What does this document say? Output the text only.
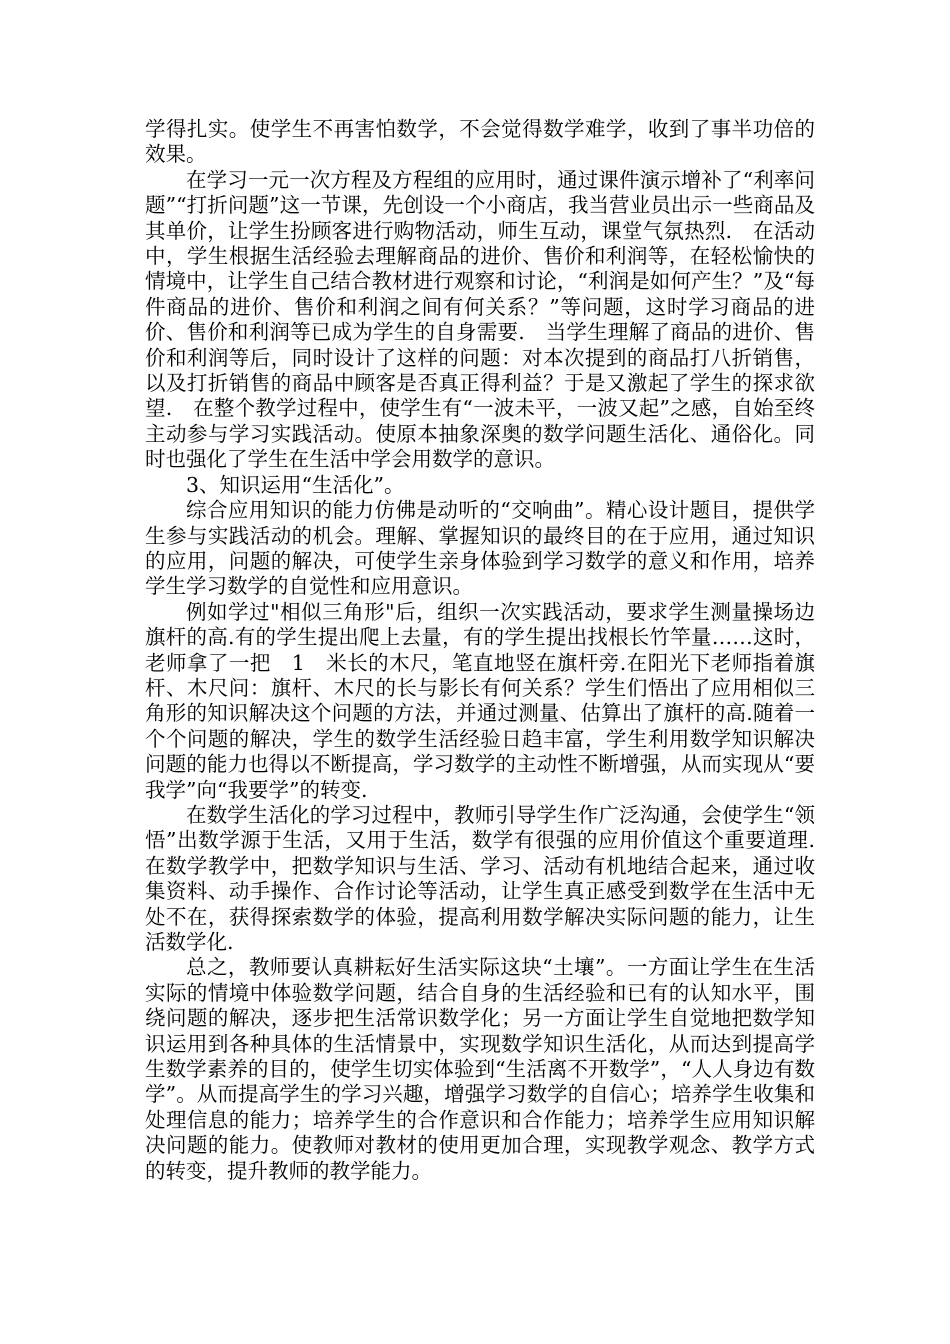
学得扎实。使学生不再害怕数学，不会觉得数学难学，收到了事半功倍的效果。

在学习一元一次方程及方程组的应用时，通过课件演示增补了“利率问题”“打折问题”这一节课，先创设一个小商店，我当营业员出示一些商品及其单价，让学生扮顾客进行购物活动，师生互动，课堂气氛热烈.　在活动中，学生根据生活经验去理解商品的进价、售价和利润等，在轻松愉快的情境中，让学生自己结合教材进行观察和讨论，“利润是如何产生？”及“每件商品的进价、售价和利润之间有何关系？”等问题，这时学习商品的进价、售价和利润等已成为学生的自身需要.　当学生理解了商品的进价、售价和利润等后，同时设计了这样的问题：对本次提到的商品打八折销售，以及打折销售的商品中顾客是否真正得利益？于是又激起了学生的探求欲望.　在整个教学过程中，使学生有“一波未平，一波又起”之感，自始至终主动参与学习实践活动。使原本抽象深奥的数学问题生活化、通俗化。同时也强化了学生在生活中学会用数学的意识。

3、知识运用“生活化”。

综合应用知识的能力仿佛是动听的“交响曲”。精心设计题目，提供学生参与实践活动的机会。理解、掌握知识的最终目的在于应用，通过知识的应用，问题的解决，可使学生亲身体验到学习数学的意义和作用，培养学生学习数学的自觉性和应用意识。

例如学过"相似三角形"后，组织一次实践活动，要求学生测量操场边旗杆的高.有的学生提出爬上去量，有的学生提出找根长竹竿量……这时，老师拿了一把　1　米长的木尺，笔直地竖在旗杆旁.在阳光下老师指着旗杆、木尺问：旗杆、木尺的长与影长有何关系？学生们悟出了应用相似三角形的知识解决这个问题的方法，并通过测量、估算出了旗杆的高.随着一个个问题的解决，学生的数学生活经验日趋丰富，学生利用数学知识解决问题的能力也得以不断提高，学习数学的主动性不断增强，从而实现从“要我学”向“我要学”的转变.

在数学生活化的学习过程中，教师引导学生作广泛沟通，会使学生“领悟”出数学源于生活，又用于生活，数学有很强的应用价值这个重要道理.在数学教学中，把数学知识与生活、学习、活动有机地结合起来，通过收集资料、动手操作、合作讨论等活动，让学生真正感受到数学在生活中无处不在，获得探索数学的体验，提高利用数学解决实际问题的能力，让生活数学化.

总之，教师要认真耕耘好生活实际这块“土壤”。一方面让学生在生活实际的情境中体验数学问题，结合自身的生活经验和已有的认知水平，围绕问题的解决，逐步把生活常识数学化；另一方面让学生自觉地把数学知识运用到各种具体的生活情景中，实现数学知识生活化，从而达到提高学生数学素养的目的，使学生切实体验到“生活离不开数学”，“人人身边有数学”。从而提高学生的学习兴趣，增强学习数学的自信心；培养学生收集和处理信息的能力；培养学生的合作意识和合作能力；培养学生应用知识解决问题的能力。使教师对教材的使用更加合理，实现教学观念、教学方式的转变，提升教师的教学能力。
